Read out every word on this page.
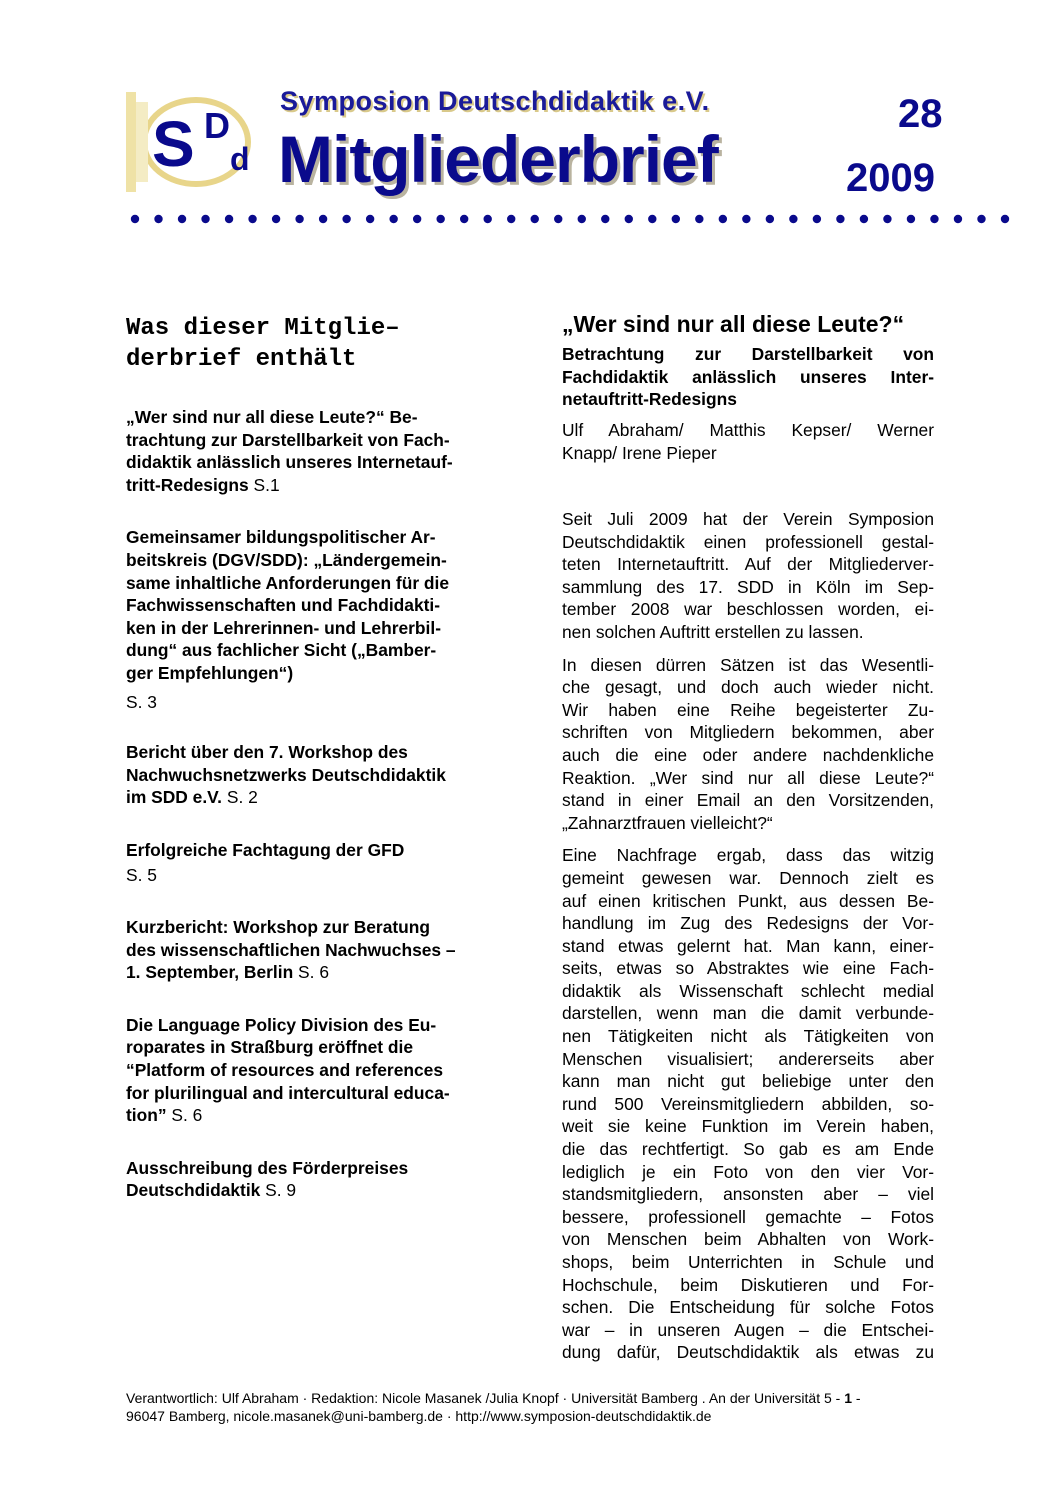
S D
d
Symposion Deutschdidaktik e.V.
Mitgliederbrief
28
2009
Was dieser Mitglie–
derbrief enthält
„Wer sind nur all diese Leute?“ Be-
trachtung zur Darstellbarkeit von Fach-
didaktik anlässlich unseres Internetauf-
tritt-Redesigns S.1
Gemeinsamer bildungspolitischer Ar-
beitskreis (DGV/SDD): „Ländergemein-
same inhaltliche Anforderungen für die
Fachwissenschaften und Fachdidakti-
ken in der Lehrerinnen- und Lehrerbil-
dung“ aus fachlicher Sicht („Bamber-
ger Empfehlungen“)
S. 3
Bericht über den 7. Workshop des
Nachwuchsnetzwerks Deutschdidaktik
im SDD e.V. S. 2
Erfolgreiche Fachtagung der GFD
S. 5
Kurzbericht: Workshop zur Beratung
des wissenschaftlichen Nachwuchses –
1. September, Berlin S. 6
Die Language Policy Division des Eu-
roparates in Straßburg eröffnet die
“Platform of resources and references
for plurilingual and intercultural educa-
tion” S. 6
Ausschreibung des Förderpreises
Deutschdidaktik S. 9
„Wer sind nur all diese Leute?“
Betrachtung zur Darstellbarkeit von
Fachdidaktik anlässlich unseres Inter-
netauftritt-Redesigns
Ulf Abraham/ Matthis Kepser/ Werner
Knapp/ Irene Pieper
Seit Juli 2009 hat der Verein Symposion
Deutschdidaktik einen professionell gestal-
teten Internetauftritt. Auf der Mitgliederver-
sammlung des 17. SDD in Köln im Sep-
tember 2008 war beschlossen worden, ei-
nen solchen Auftritt erstellen zu lassen.
In diesen dürren Sätzen ist das Wesentli-
che gesagt, und doch auch wieder nicht.
Wir haben eine Reihe begeisterter Zu-
schriften von Mitgliedern bekommen, aber
auch die eine oder andere nachdenkliche
Reaktion. „Wer sind nur all diese Leute?“
stand in einer Email an den Vorsitzenden,
„Zahnarztfrauen vielleicht?“
Eine Nachfrage ergab, dass das witzig
gemeint gewesen war. Dennoch zielt es
auf einen kritischen Punkt, aus dessen Be-
handlung im Zug des Redesigns der Vor-
stand etwas gelernt hat. Man kann, einer-
seits, etwas so Abstraktes wie eine Fach-
didaktik als Wissenschaft schlecht medial
darstellen, wenn man die damit verbunde-
nen Tätigkeiten nicht als Tätigkeiten von
Menschen visualisiert; andererseits aber
kann man nicht gut beliebige unter den
rund 500 Vereinsmitgliedern abbilden, so-
weit sie keine Funktion im Verein haben,
die das rechtfertigt. So gab es am Ende
lediglich je ein Foto von den vier Vor-
standsmitgliedern, ansonsten aber – viel
bessere, professionell gemachte – Fotos
von Menschen beim Abhalten von Work-
shops, beim Unterrichten in Schule und
Hochschule, beim Diskutieren und For-
schen. Die Entscheidung für solche Fotos
war – in unseren Augen – die Entschei-
dung dafür, Deutschdidaktik als etwas zu
Verantwortlich: Ulf Abraham · Redaktion: Nicole Masanek /Julia Knopf · Universität Bamberg . An der Universität 5 - 1 -
96047 Bamberg, nicole.masanek@uni-bamberg.de · http://www.symposion-deutschdidaktik.de
